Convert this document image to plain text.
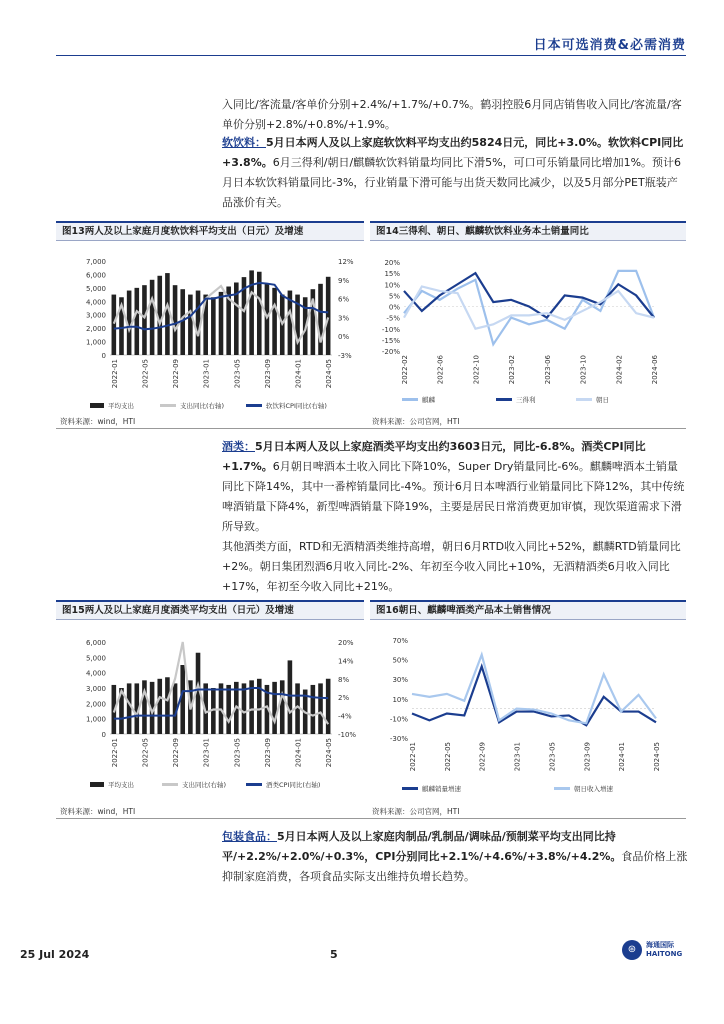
日本可选消费&必需消费
入同比/客流量/客单价分别+2.4%/+1.7%/+0.7%。鹤羽控股6月同店销售收入同比/客流量/客单价分别+2.8%/+0.8%/+1.9%。
软饮料：5月日本两人及以上家庭软饮料平均支出约5824日元，同比+3.0%。软饮料CPI同比+3.8%。6月三得利/朝日/麒麟软饮料销量均同比下滑5%，可口可乐销量同比增加1%。预计6月日本软饮料销量同比-3%，行业销量下滑可能与出货天数同比减少，以及5月部分PET瓶装产品涨价有关。
图13两人及以上家庭月度软饮料平均支出（日元）及增速
7,000
6,000
5,000
4,000
3,000
2,000
1,000
0
12%
9%
6%
3%
0%
-3%
2022-01	2022-05	2022-09	2023-01	2023-05	2023-09	2024-01	2024-05
平均支出	支出同比(右轴)	软饮料CPI同比(右轴)
图14三得利、朝日、麒麟软饮料业务本土销量同比
20%
15%
10%
5%
0%
-5%
-10%
-15%
-20%
2022-02	2022-06	2022-10	2023-02	2023-06	2023-10	2024-02	2024-06
麒麟	三得利	朝日
资料来源：wind，HTI	资料来源：公司官网，HTI
酒类：5月日本两人及以上家庭酒类平均支出约3603日元，同比-6.8%。酒类CPI同比+1.7%。6月朝日啤酒本土收入同比下降10%，Super Dry销量同比-6%。麒麟啤酒本土销量同比下降14%，其中一番榨销量同比-4%。预计6月日本啤酒行业销量同比下降12%，其中传统啤酒销量下降4%，新型啤酒销量下降19%，主要是居民日常消费更加审慎，现饮渠道需求下滑所导致。
其他酒类方面，RTD和无酒精酒类维持高增，朝日6月RTD收入同比+52%，麒麟RTD销量同比+2%。朝日集团烈酒6月收入同比-2%、年初至今收入同比+10%，无酒精酒类6月收入同比+17%，年初至今收入同比+21%。
图15两人及以上家庭月度酒类平均支出（日元）及增速
6,000
5,000
4,000
3,000
2,000
1,000
0
20%
14%
8%
2%
-4%
-10%
2022-01	2022-05	2022-09	2023-01	2023-05	2023-09	2024-01	2024-05
平均支出	支出同比(右轴)	酒类CPI同比(右轴)
图16朝日、麒麟啤酒类产品本土销售情况
70%
50%
30%
10%
-10%
-30%
2022-01	2022-05	2022-09	2023-01	2023-05	2023-09	2024-01	2024-05
麒麟销量增速	朝日收入增速
资料来源：wind，HTI	资料来源：公司官网，HTI
包装食品：5月日本两人及以上家庭肉制品/乳制品/调味品/预制菜平均支出同比持平/+2.2%/+2.0%/+0.3%，CPI分别同比+2.1%/+4.6%/+3.8%/+4.2%。食品价格上涨抑制家庭消费，各项食品实际支出维持负增长趋势。
25 Jul 2024	5	⊛	海通国际
HAITONG
